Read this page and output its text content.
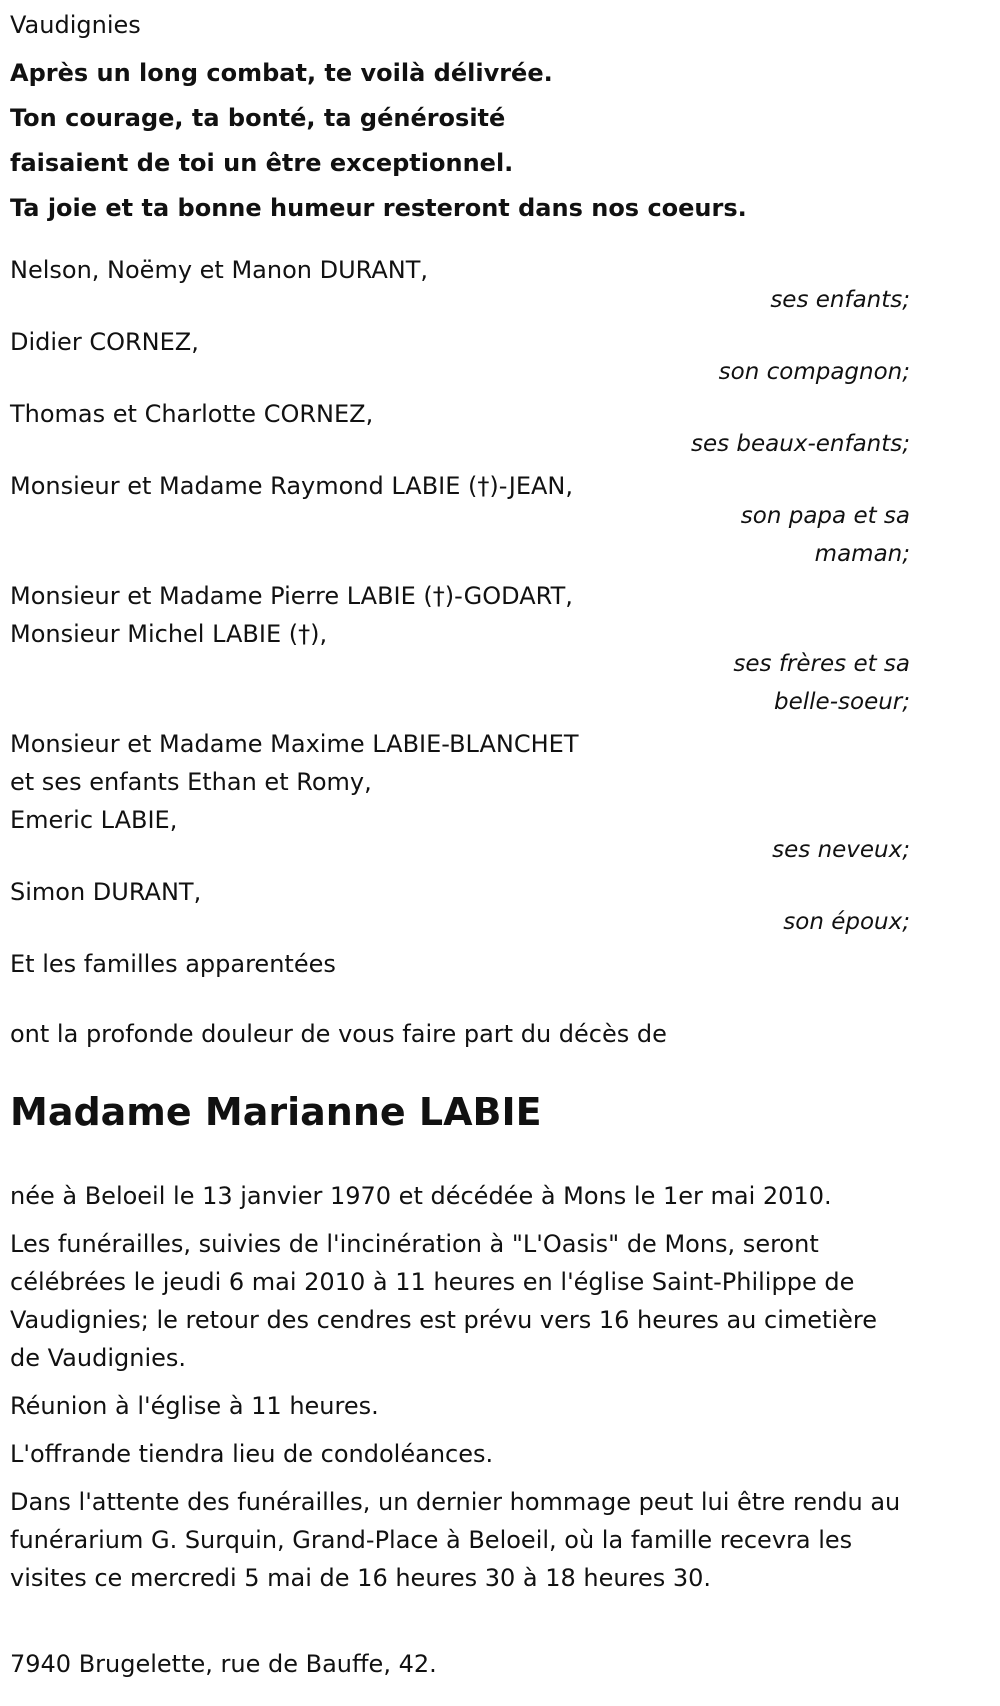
Vaudignies

Après un long combat, te voilà délivrée.

Ton courage, ta bonté, ta générosité

faisaient de toi un être exceptionnel.

Ta joie et ta bonne humeur resteront dans nos coeurs.

Nelson, Noëmy et Manon DURANT,

ses enfants;

Didier CORNEZ,

son compagnon;

Thomas et Charlotte CORNEZ,

ses beaux-enfants;

Monsieur et Madame Raymond LABIE (†)-JEAN,

son papa et sa maman;

Monsieur et Madame Pierre LABIE (†)-GODART,

Monsieur Michel LABIE (†),

ses frères et sa belle-soeur;

Monsieur et Madame Maxime LABIE-BLANCHET

et ses enfants Ethan et Romy,

Emeric LABIE,

ses neveux;

Simon DURANT,

son époux;

Et les familles apparentées

ont la profonde douleur de vous faire part du décès de

Madame Marianne LABIE

née à Beloeil le 13 janvier 1970 et décédée à Mons le 1er mai 2010.

Les funérailles, suivies de l'incinération à "L'Oasis" de Mons, seront célébrées le jeudi 6 mai 2010 à 11 heures en l'église Saint-Philippe de Vaudignies; le retour des cendres est prévu vers 16 heures au cimetière de Vaudignies.

Réunion à l'église à 11 heures.

L'offrande tiendra lieu de condoléances.

Dans l'attente des funérailles, un dernier hommage peut lui être rendu au funérarium G. Surquin, Grand-Place à Beloeil, où la famille recevra les visites ce mercredi 5 mai de 16 heures 30 à 18 heures 30.

7940 Brugelette, rue de Bauffe, 42.
